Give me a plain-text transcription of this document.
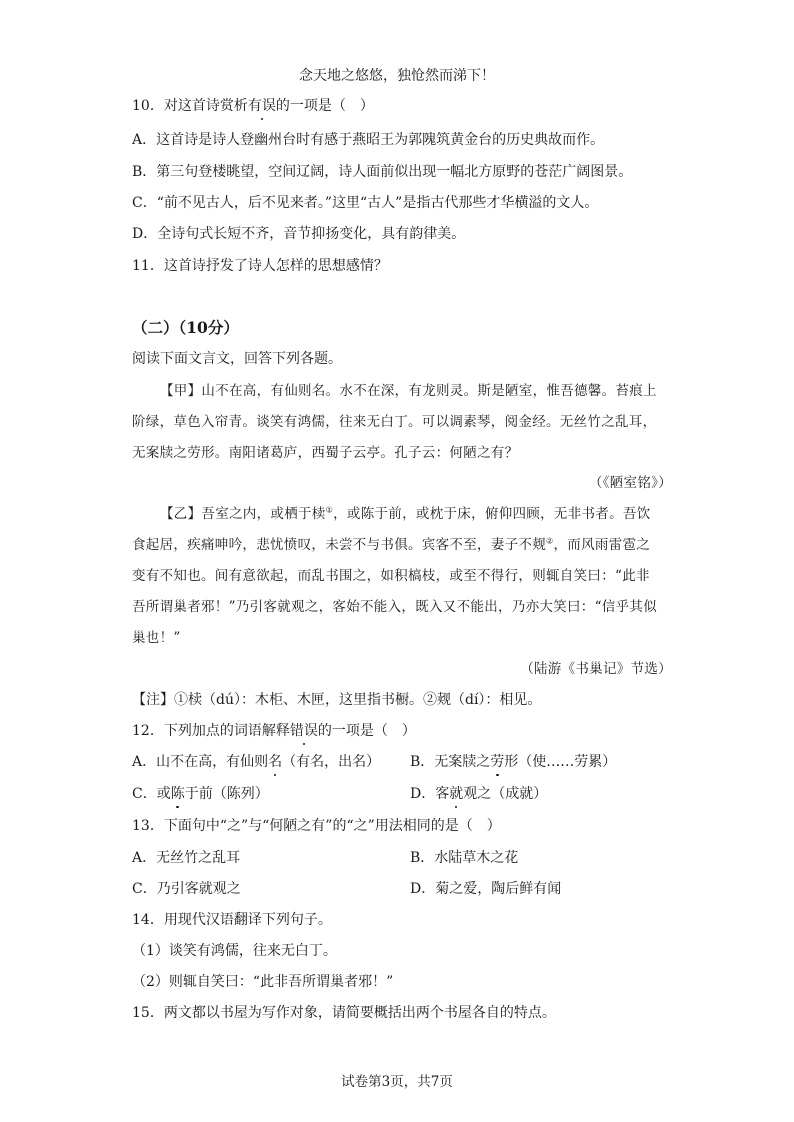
念天地之悠悠，独怆然而涕下！
10．对这首诗赏析有误的一项是（　）
A．这首诗是诗人登幽州台时有感于燕昭王为郭隗筑黄金台的历史典故而作。
B．第三句登楼眺望，空间辽阔，诗人面前似出现一幅北方原野的苍茫广阔图景。
C．“前不见古人，后不见来者。”这里“古人”是指古代那些才华横溢的文人。
D．全诗句式长短不齐，音节抑扬变化，具有韵律美。
11．这首诗抒发了诗人怎样的思想感情？
（二）（10分）
阅读下面文言文，回答下列各题。
【甲】山不在高，有仙则名。水不在深，有龙则灵。斯是陋室，惟吾德馨。苔痕上
阶绿，草色入帘青。谈笑有鸿儒，往来无白丁。可以调素琴，阅金经。无丝竹之乱耳，
无案牍之劳形。南阳诸葛庐，西蜀子云亭。孔子云：何陋之有？
（《陋室铭》）
【乙】吾室之内，或栖于椟①，或陈于前，或枕于床，俯仰四顾，无非书者。吾饮
食起居，疾痛呻吟，悲忧愤叹，未尝不与书俱。宾客不至，妻子不觌②，而风雨雷雹之
变有不知也。间有意欲起，而乱书围之，如积槁枝，或至不得行，则辄自笑曰：“此非
吾所谓巢者邪！”乃引客就观之，客始不能入，既入又不能出，乃亦大笑曰：“信乎其似
巢也！”
（陆游《书巢记》节选）
【注】①椟（dú）：木柜、木匣，这里指书橱。②觌（dí）：相见。
12．下列加点的词语解释错误的一项是（　）
A．山不在高，有仙则名（有名，出名） B．无案牍之劳形（使……劳累）
C．或陈于前（陈列）	D．客就观之（成就）
13．下面句中“之”与“何陋之有”的“之”用法相同的是（　）
A．无丝竹之乱耳	B．水陆草木之花
C．乃引客就观之	D．菊之爱，陶后鲜有闻
14．用现代汉语翻译下列句子。
（1）谈笑有鸿儒，往来无白丁。
（2）则辄自笑曰：“此非吾所谓巢者邪！”
15．两文都以书屋为写作对象，请简要概括出两个书屋各自的特点。
试卷第3页，共7页
